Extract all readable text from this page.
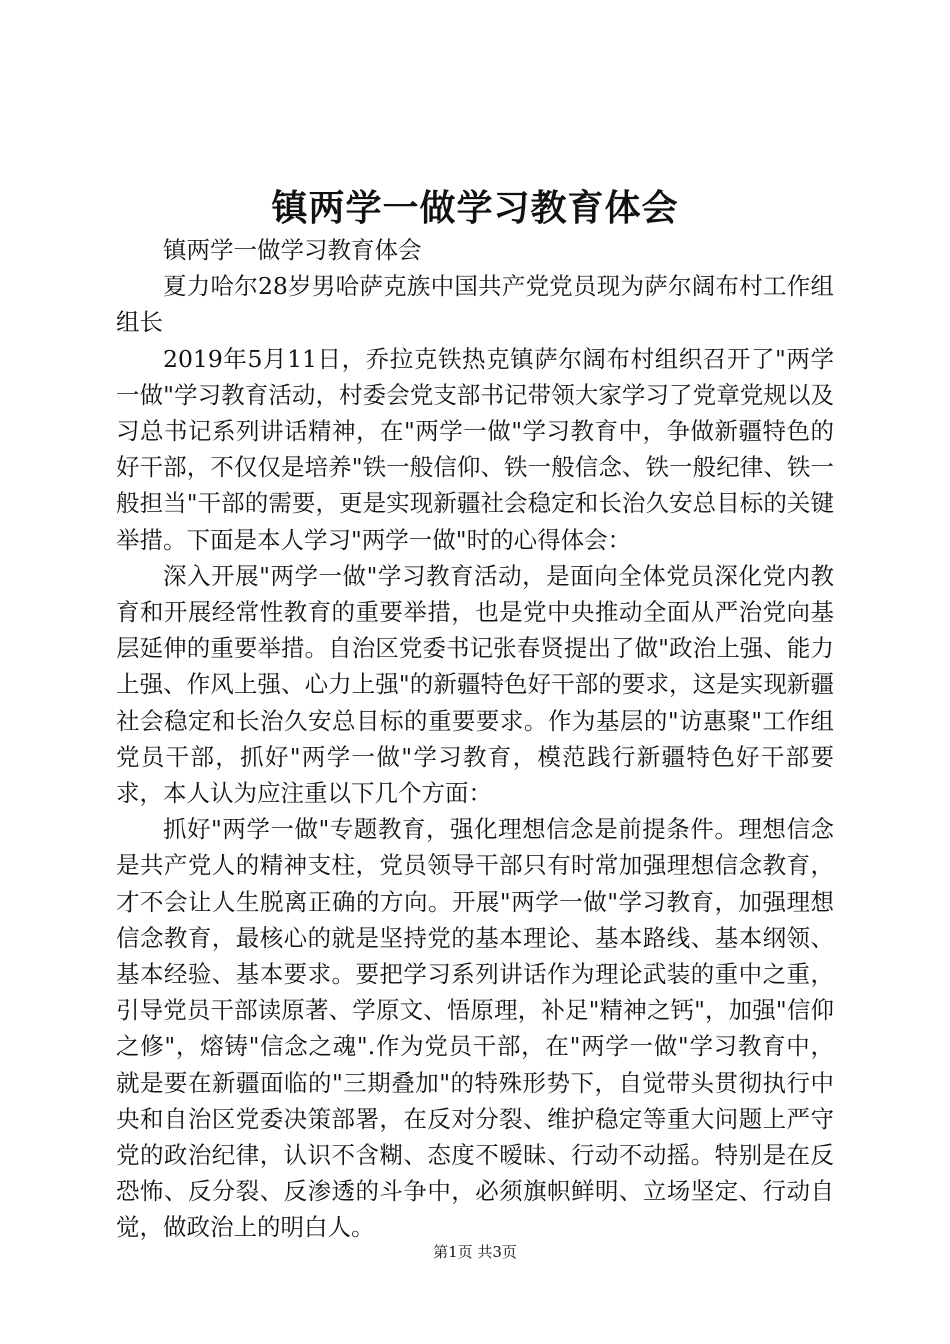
镇两学一做学习教育体会

镇两学一做学习教育体会

夏力哈尔28岁男哈萨克族中国共产党党员现为萨尔阔布村工作组组长

2019年5月11日，乔拉克铁热克镇萨尔阔布村组织召开了"两学一做"学习教育活动，村委会党支部书记带领大家学习了党章党规以及习总书记系列讲话精神，在"两学一做"学习教育中，争做新疆特色的好干部，不仅仅是培养"铁一般信仰、铁一般信念、铁一般纪律、铁一般担当"干部的需要，更是实现新疆社会稳定和长治久安总目标的关键举措。下面是本人学习"两学一做"时的心得体会：

深入开展"两学一做"学习教育活动，是面向全体党员深化党内教育和开展经常性教育的重要举措，也是党中央推动全面从严治党向基层延伸的重要举措。自治区党委书记张春贤提出了做"政治上强、能力上强、作风上强、心力上强"的新疆特色好干部的要求，这是实现新疆社会稳定和长治久安总目标的重要要求。作为基层的"访惠聚"工作组党员干部，抓好"两学一做"学习教育，模范践行新疆特色好干部要求，本人认为应注重以下几个方面：

抓好"两学一做"专题教育，强化理想信念是前提条件。理想信念是共产党人的精神支柱，党员领导干部只有时常加强理想信念教育，才不会让人生脱离正确的方向。开展"两学一做"学习教育，加强理想信念教育，最核心的就是坚持党的基本理论、基本路线、基本纲领、基本经验、基本要求。要把学习系列讲话作为理论武装的重中之重，引导党员干部读原著、学原文、悟原理，补足"精神之钙"，加强"信仰之修"，熔铸"信念之魂".作为党员干部，在"两学一做"学习教育中，就是要在新疆面临的"三期叠加"的特殊形势下，自觉带头贯彻执行中央和自治区党委决策部署，在反对分裂、维护稳定等重大问题上严守党的政治纪律，认识不含糊、态度不暧昧、行动不动摇。特别是在反恐怖、反分裂、反渗透的斗争中，必须旗帜鲜明、立场坚定、行动自觉，做政治上的明白人。

第1页 共3页
